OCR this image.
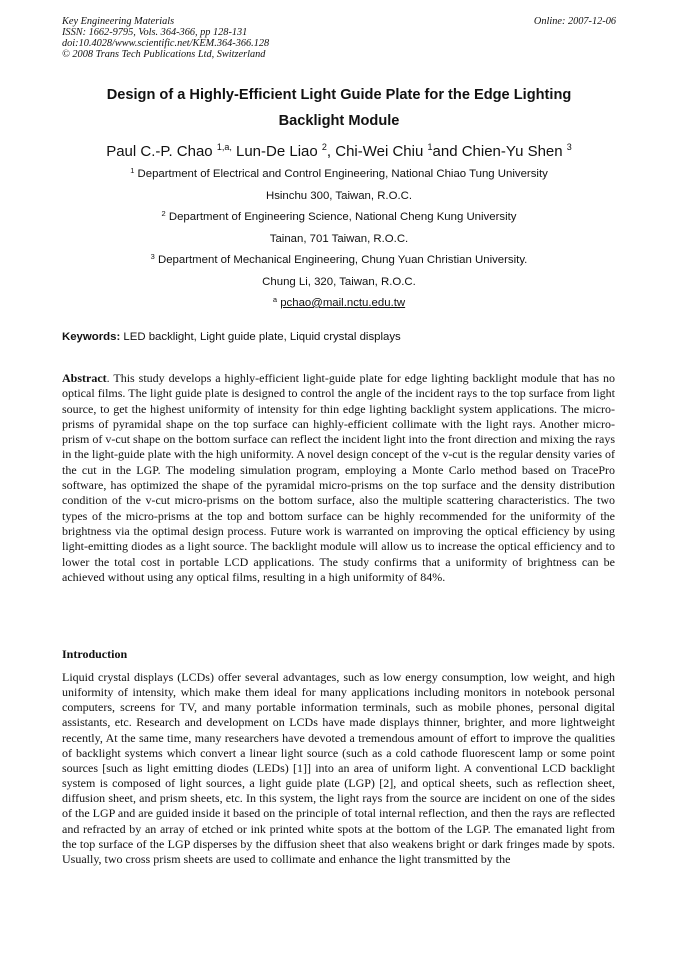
Key Engineering Materials
ISSN: 1662-9795, Vols. 364-366, pp 128-131
doi:10.4028/www.scientific.net/KEM.364-366.128
© 2008 Trans Tech Publications Ltd, Switzerland
Online: 2007-12-06
Design of a Highly-Efficient Light Guide Plate for the Edge Lighting
Backlight Module
Paul C.-P. Chao $^{1,a,}$ Lun-De Liao $^2$, Chi-Wei Chiu $^1$and Chien-Yu Shen $^3$
$^1$ Department of Electrical and Control Engineering, National Chiao Tung University
Hsinchu 300, Taiwan, R.O.C.
$^2$ Department of Engineering Science, National Cheng Kung University
Tainan, 701 Taiwan, R.O.C.
$^3$ Department of Mechanical Engineering, Chung Yuan Christian University.
Chung Li, 320, Taiwan, R.O.C.
$^a$ pchao@mail.nctu.edu.tw
Keywords: LED backlight, Light guide plate, Liquid crystal displays

Abstract. This study develops a highly-efficient light-guide plate for edge lighting backlight module that has no optical films. The light guide plate is designed to control the angle of the incident rays to the top surface from light source, to get the highest uniformity of intensity for thin edge lighting backlight system applications. The micro-prisms of pyramidal shape on the top surface can highly-efficient collimate with the light rays. Another micro-prism of v-cut shape on the bottom surface can reflect the incident light into the front direction and mixing the rays in the light-guide plate with the high uniformity. A novel design concept of the v-cut is the regular density varies of the cut in the LGP. The modeling simulation program, employing a Monte Carlo method based on TracePro software, has optimized the shape of the pyramidal micro-prisms on the top surface and the density distribution condition of the v-cut micro-prisms on the bottom surface, also the multiple scattering characteristics. The two types of the micro-prisms at the top and bottom surface can be highly recommended for the uniformity of the brightness via the optimal design process. Future work is warranted on improving the optical efficiency by using light-emitting diodes as a light source. The backlight module will allow us to increase the optical efficiency and to lower the total cost in portable LCD applications. The study confirms that a uniformity of brightness can be achieved without using any optical films, resulting in a high uniformity of 84%.

Introduction

Liquid crystal displays (LCDs) offer several advantages, such as low energy consumption, low weight, and high uniformity of intensity, which make them ideal for many applications including monitors in notebook personal computers, screens for TV, and many portable information terminals, such as mobile phones, personal digital assistants, etc. Research and development on LCDs have made displays thinner, brighter, and more lightweight recently, At the same time, many researchers have devoted a tremendous amount of effort to improve the qualities of backlight systems which convert a linear light source (such as a cold cathode fluorescent lamp or some point sources [such as light emitting diodes (LEDs) [1]] into an area of uniform light. A conventional LCD backlight system is composed of light sources, a light guide plate (LGP) [2], and optical sheets, such as reflection sheet, diffusion sheet, and prism sheets, etc. In this system, the light rays from the source are incident on one of the sides of the LGP and are guided inside it based on the principle of total internal reflection, and then the rays are reflected and refracted by an array of etched or ink printed white spots at the bottom of the LGP. The emanated light from the top surface of the LGP disperses by the diffusion sheet that also weakens bright or dark fringes made by spots. Usually, two cross prism sheets are used to collimate and enhance the light transmitted by the
